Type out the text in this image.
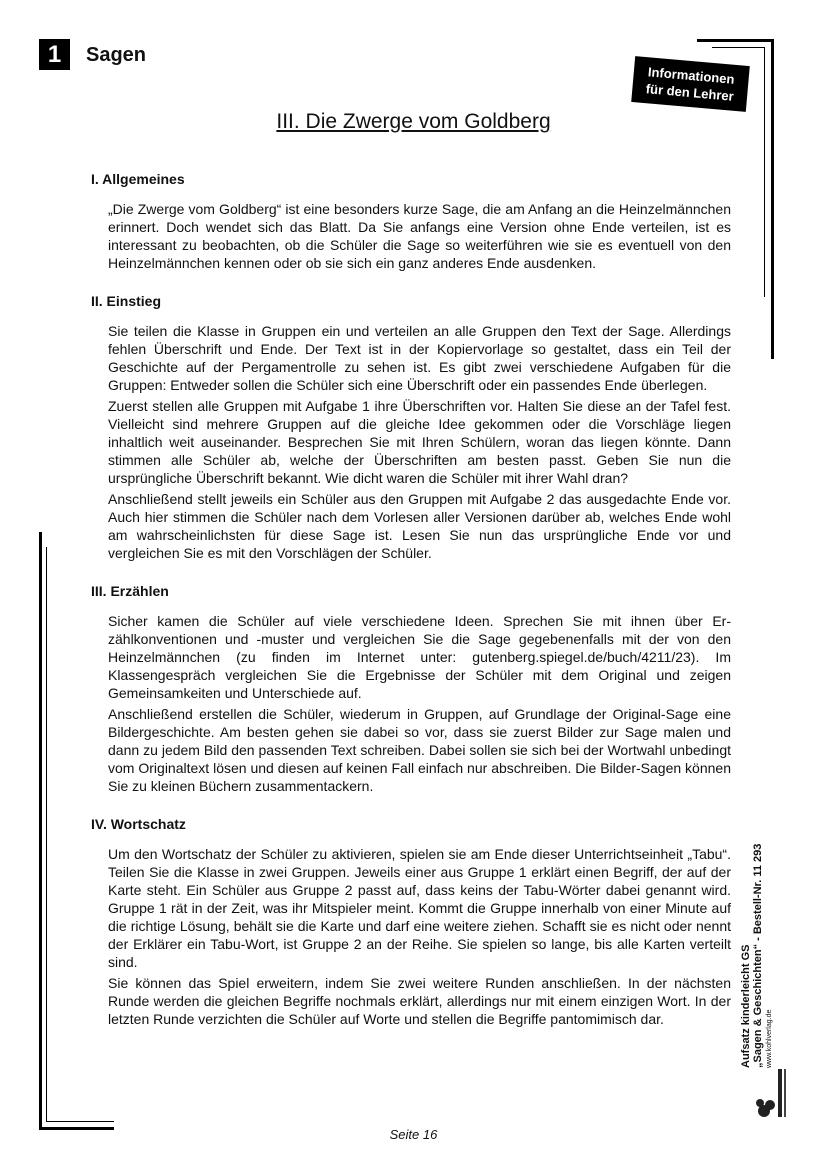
1	Sagen
Informationen
für den Lehrer
III. Die Zwerge vom Goldberg
I. Allgemeines

„Die Zwerge vom Goldberg“ ist eine besonders kurze Sage, die am Anfang an die Heinzelmännchen erinnert. Doch wendet sich das Blatt. Da Sie anfangs eine Version ohne Ende verteilen, ist es interessant zu beobachten, ob die Schüler die Sage so weiterführen wie sie es eventuell von den Heinzelmännchen kennen oder ob sie sich ein ganz anderes Ende ausdenken.

II. Einstieg

Sie teilen die Klasse in Gruppen ein und verteilen an alle Gruppen den Text der Sage. Allerdings fehlen Überschrift und Ende. Der Text ist in der Kopiervorlage so gestaltet, dass ein Teil der Geschichte auf der Pergamentrolle zu sehen ist. Es gibt zwei verschiedene Aufgaben für die Gruppen: Entweder sollen die Schüler sich eine Überschrift oder ein passendes Ende überlegen.

Zuerst stellen alle Gruppen mit Aufgabe 1 ihre Überschriften vor. Halten Sie diese an der Tafel fest. Vielleicht sind mehrere Gruppen auf die gleiche Idee gekommen oder die Vorschläge liegen inhaltlich weit auseinander. Besprechen Sie mit Ihren Schülern, woran das liegen könnte. Dann stimmen alle Schüler ab, welche der Überschriften am besten passt. Geben Sie nun die ursprüngliche Überschrift bekannt. Wie dicht waren die Schüler mit ihrer Wahl dran?

Anschließend stellt jeweils ein Schüler aus den Gruppen mit Aufgabe 2 das ausgedachte Ende vor. Auch hier stimmen die Schüler nach dem Vorlesen aller Versionen darüber ab, welches Ende wohl am wahrscheinlichsten für diese Sage ist. Lesen Sie nun das ursprüngliche Ende vor und vergleichen Sie es mit den Vorschlägen der Schüler.

III. Erzählen

Sicher kamen die Schüler auf viele verschiedene Ideen. Sprechen Sie mit ihnen über Erzählkonventionen und -muster und vergleichen Sie die Sage gegebenenfalls mit der von den Heinzelmännchen (zu finden im Internet unter: gutenberg.spiegel.de/buch/4211/23). Im Klassengespräch vergleichen Sie die Ergebnisse der Schüler mit dem Original und zeigen Gemeinsamkeiten und Unterschiede auf.

Anschließend erstellen die Schüler, wiederum in Gruppen, auf Grundlage der Original-Sage eine Bildergeschichte. Am besten gehen sie dabei so vor, dass sie zuerst Bilder zur Sage malen und dann zu jedem Bild den passenden Text schreiben. Dabei sollen sie sich bei der Wortwahl unbedingt vom Originaltext lösen und diesen auf keinen Fall einfach nur abschreiben. Die Bilder-Sagen können Sie zu kleinen Büchern zusammentackern.

IV. Wortschatz

Um den Wortschatz der Schüler zu aktivieren, spielen sie am Ende dieser Unterrichtseinheit „Tabu“. Teilen Sie die Klasse in zwei Gruppen. Jeweils einer aus Gruppe 1 erklärt einen Begriff, der auf der Karte steht. Ein Schüler aus Gruppe 2 passt auf, dass keins der Tabu-Wörter dabei genannt wird. Gruppe 1 rät in der Zeit, was ihr Mitspieler meint. Kommt die Gruppe innerhalb von einer Minute auf die richtige Lösung, behält sie die Karte und darf eine weitere ziehen. Schafft sie es nicht oder nennt der Erklärer ein Tabu-Wort, ist Gruppe 2 an der Reihe. Sie spielen so lange, bis alle Karten verteilt sind.

Sie können das Spiel erweitern, indem Sie zwei weitere Runden anschließen. In der nächsten Runde werden die gleichen Begriffe nochmals erklärt, allerdings nur mit einem einzigen Wort. In der letzten Runde verzichten die Schüler auf Worte und stellen die Begriffe pantomimisch dar.	Aufsatz kinderleicht GS „Sagen & Geschichten“ - Bestell-Nr. 11 293 www.kohlverlag.de
Seite 16
